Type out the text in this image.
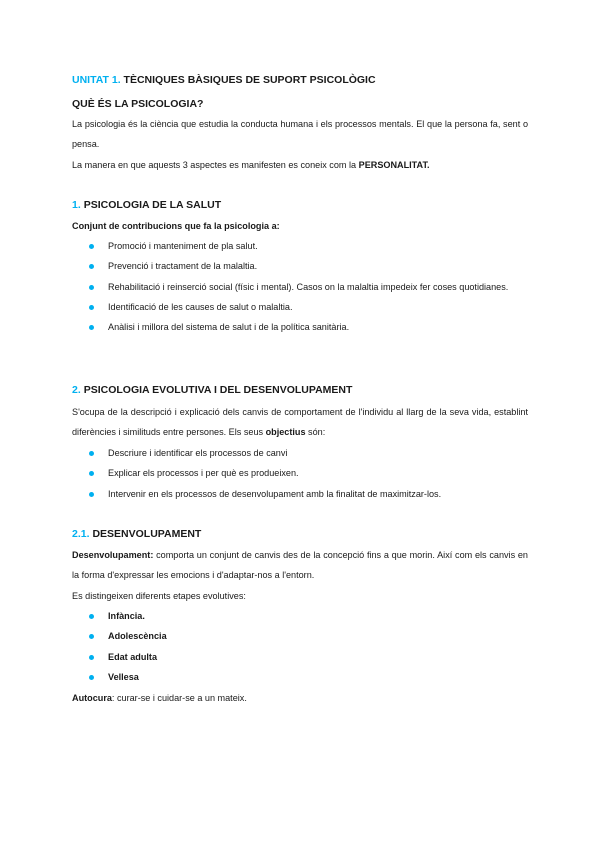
UNITAT 1. TÈCNIQUES BÀSIQUES DE SUPORT PSICOLÒGIC
QUÈ ÉS LA PSICOLOGIA?

La psicologia és la ciència que estudia la conducta humana i els processos mentals. El que la persona fa, sent o pensa.

La manera en que aquests 3 aspectes es manifesten es coneix com la PERSONALITAT.

1. PSICOLOGIA DE LA SALUT

Conjunt de contribucions que fa la psicologia a:

Promoció i manteniment de pla salut.
Prevenció i tractament de la malaltia.
Rehabilitació i reinserció social (físic i mental). Casos on la malaltia impedeix fer coses quotidianes.
Identificació de les causes de salut o malaltia.
Anàlisi i millora del sistema de salut i de la política sanitària.
2. PSICOLOGIA EVOLUTIVA I DEL DESENVOLUPAMENT

S'ocupa de la descripció i explicació dels canvis de comportament de l'individu al llarg de la seva vida, establint diferències i similituds entre persones. Els seus objectius són:

Descriure i identificar els processos de canvi
Explicar els processos i per què es produeixen.
Intervenir en els processos de desenvolupament amb la finalitat de maximitzar-los.
2.1. DESENVOLUPAMENT

Desenvolupament: comporta un conjunt de canvis des de la concepció fins a que morin. Així com els canvis en la forma d'expressar les emocions i d'adaptar-nos a l'entorn.

Es distingeixen diferents etapes evolutives:

Infància.
Adolescència
Edat adulta
Vellesa

Autocura: curar-se i cuidar-se a un mateix.
